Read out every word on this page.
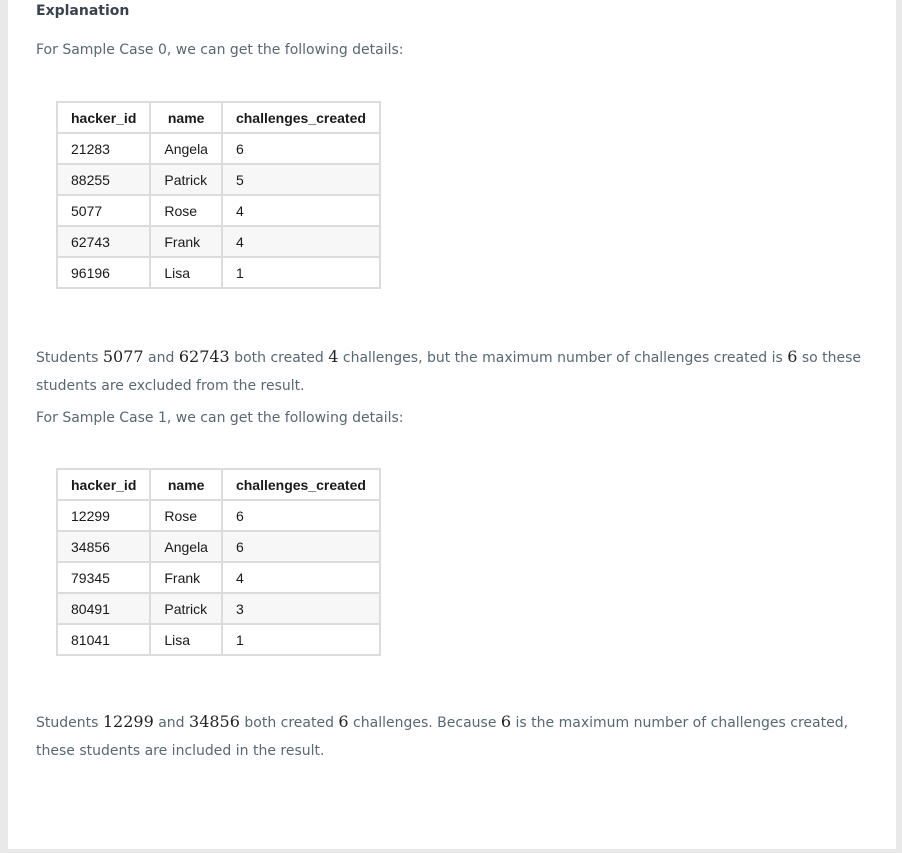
Explanation

For Sample Case 0, we can get the following details:

hacker_id	name	challenges_created
21283	Angela	6
88255	Patrick	5
5077	Rose	4
62743	Frank	4
96196	Lisa	1

Students 5077 and 62743 both created 4 challenges, but the maximum number of challenges created is 6 so these students are excluded from the result.

For Sample Case 1, we can get the following details:

hacker_id	name	challenges_created
12299	Rose	6
34856	Angela	6
79345	Frank	4
80491	Patrick	3
81041	Lisa	1

Students 12299 and 34856 both created 6 challenges. Because 6 is the maximum number of challenges created, these students are included in the result.
